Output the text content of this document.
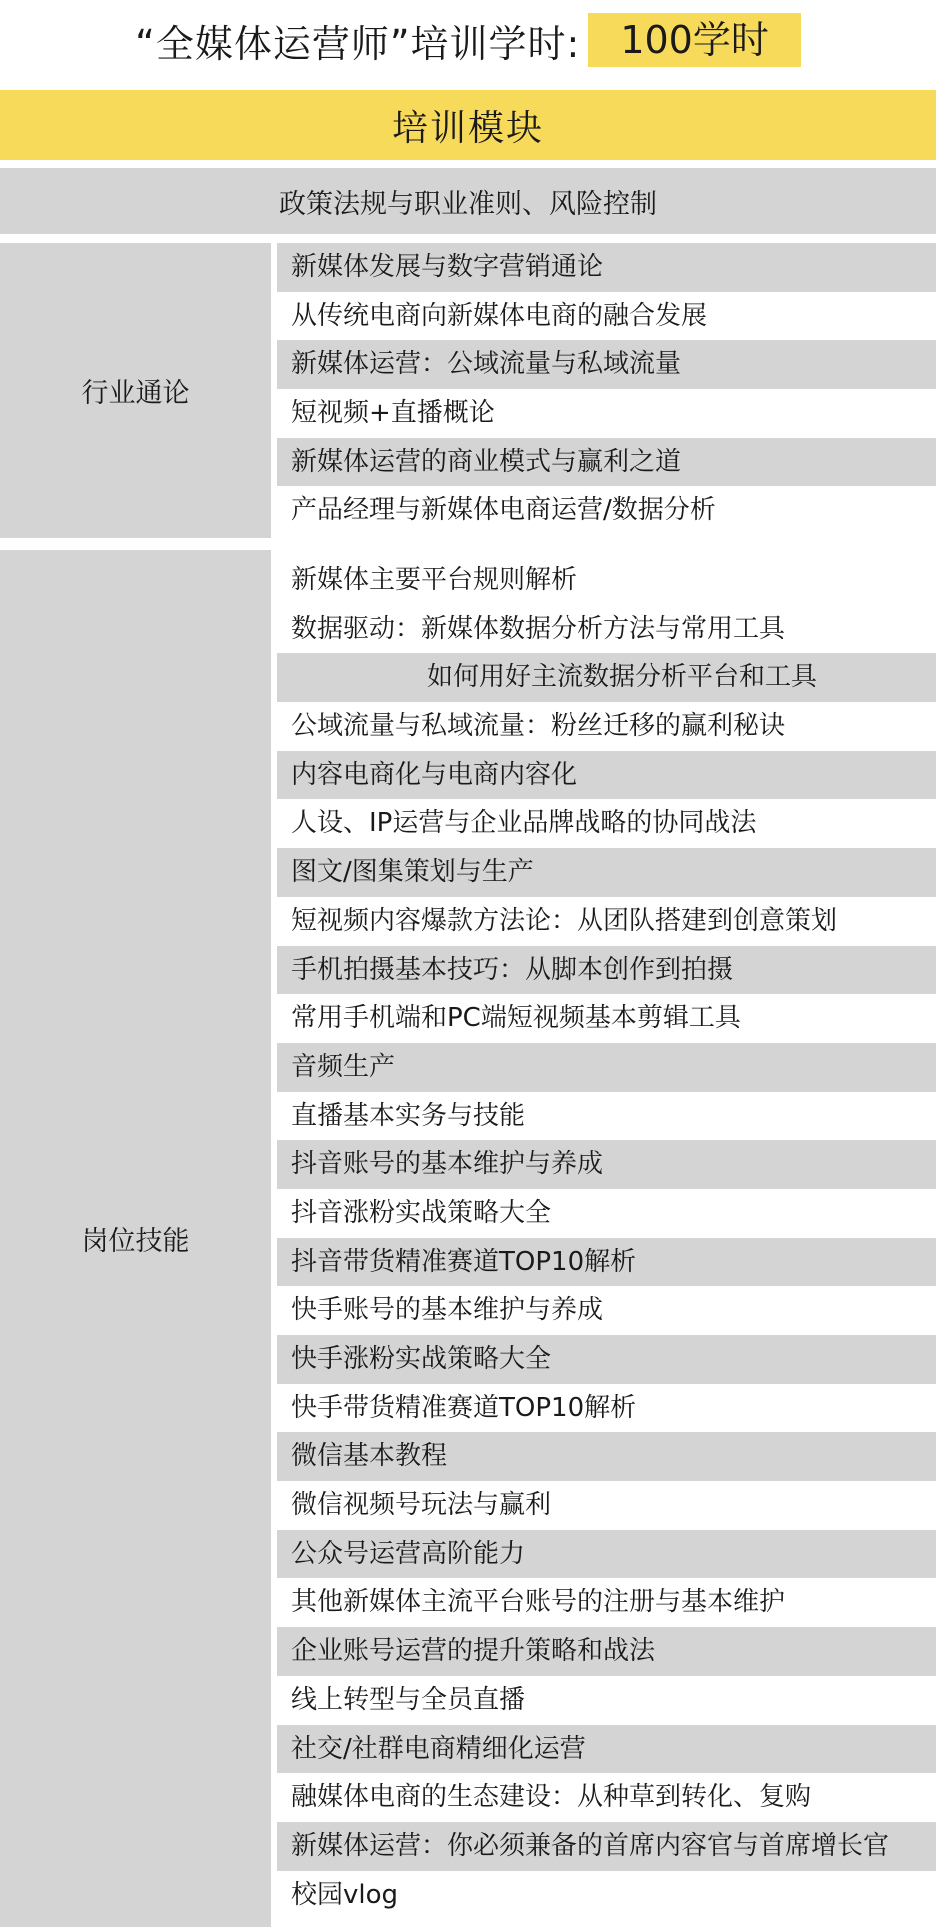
“全媒体运营师”培训学时:	100学时
培训模块
政策法规与职业准则、风险控制
行业通论
新媒体发展与数字营销通论
从传统电商向新媒体电商的融合发展
新媒体运营：公域流量与私域流量
短视频+直播概论
新媒体运营的商业模式与赢利之道
产品经理与新媒体电商运营/数据分析
岗位技能
新媒体主要平台规则解析
数据驱动：新媒体数据分析方法与常用工具
如何用好主流数据分析平台和工具
公域流量与私域流量：粉丝迁移的赢利秘诀
内容电商化与电商内容化
人设、IP运营与企业品牌战略的协同战法
图文/图集策划与生产
短视频内容爆款方法论：从团队搭建到创意策划
手机拍摄基本技巧：从脚本创作到拍摄
常用手机端和PC端短视频基本剪辑工具
音频生产
直播基本实务与技能
抖音账号的基本维护与养成
抖音涨粉实战策略大全
抖音带货精准赛道TOP10解析
快手账号的基本维护与养成
快手涨粉实战策略大全
快手带货精准赛道TOP10解析
微信基本教程
微信视频号玩法与赢利
公众号运营高阶能力
其他新媒体主流平台账号的注册与基本维护
企业账号运营的提升策略和战法
线上转型与全员直播
社交/社群电商精细化运营
融媒体电商的生态建设：从种草到转化、复购
新媒体运营：你必须兼备的首席内容官与首席增长官
校园vlog
